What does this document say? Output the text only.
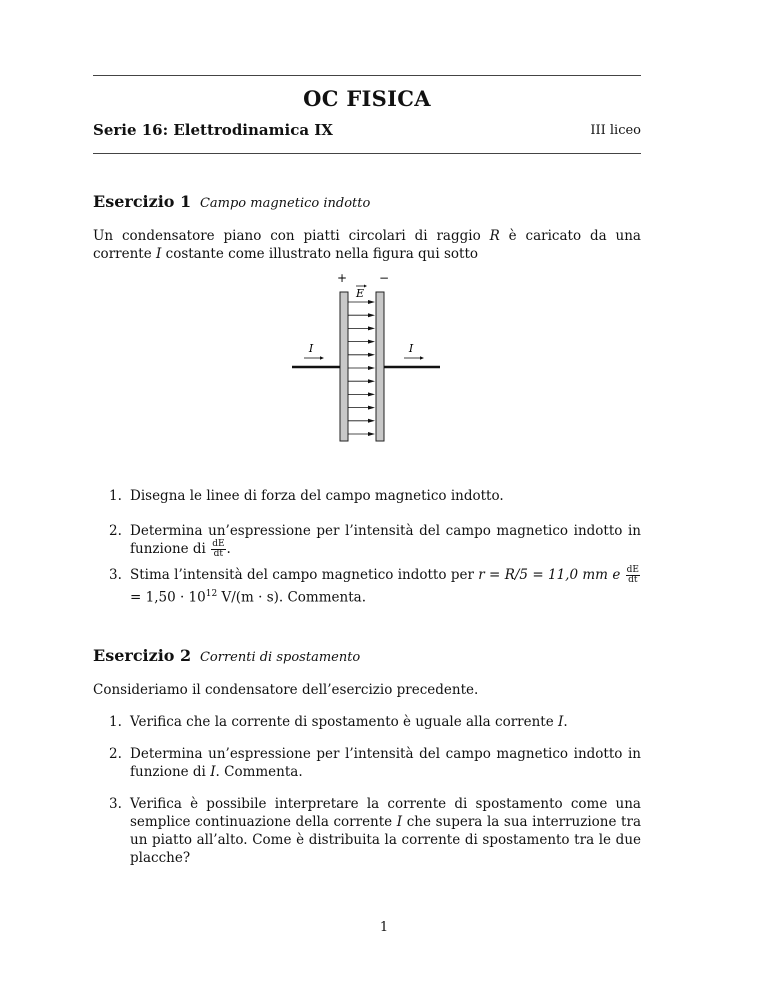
OC FISICA
Serie 16: Elettrodinamica IX	III liceo
Esercizio 1 Campo magnetico indotto
Un condensatore piano con piatti circolari di raggio R è caricato da una corrente I costante come illustrato nella figura qui sotto
+	−
E
I	I
1. Disegna le linee di forza del campo magnetico indotto.
2. Determina un’espressione per l’intensità del campo magnetico indotto in funzione di $\frac{dE}{dt}$ .
3. Stima l’intensità del campo magnetico indotto per r = R/5 = 11,0 mm e $\frac{dE}{dt}$
= $1,50 \cdot 10^{12}$ V/(m · s). Commenta.
Esercizio 2 Correnti di spostamento
Consideriamo il condensatore dell’esercizio precedente.
1. Verifica che la corrente di spostamento è uguale alla corrente I.
2. Determina un’espressione per l’intensità del campo magnetico indotto in funzione di I. Commenta.
3. Verifica è possibile interpretare la corrente di spostamento come una semplice continuazione della corrente I che supera la sua interruzione tra un piatto all’alto. Come è distribuita la corrente di spostamento tra le due placche?
1
